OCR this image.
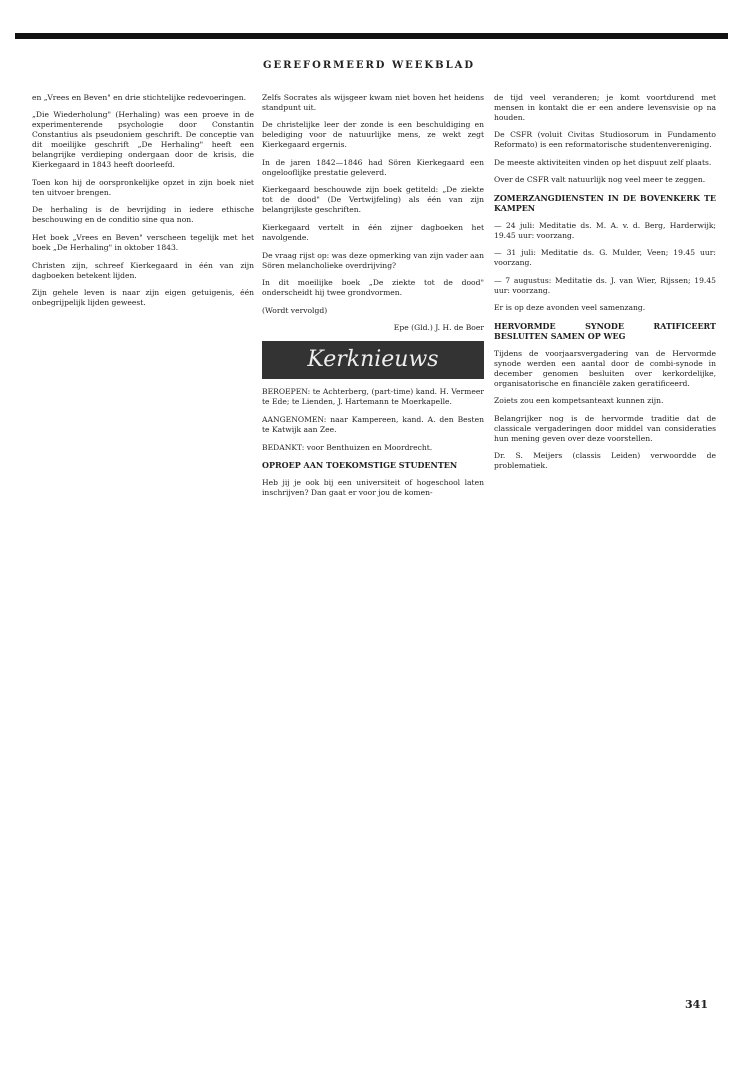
GEREFORMEERD WEEKBLAD

en „Vrees en Beven" en drie stichtelijke redevoeringen.

„Die Wiederholung" (Herhaling) was een proeve in de experimenterende psychologie door Constantin Constantius als pseudoniem geschrift. De conceptie van dit moeilijke geschrift „De Herhaling" heeft een belangrijke verdieping ondergaan door de krisis, die Kierkegaard in 1843 heeft doorleefd.

Toen kon hij de oorspronkelijke opzet in zijn boek niet ten uitvoer brengen.

De herhaling is de bevrijding in iedere ethische beschouwing en de conditio sine qua non.

Het boek „Vrees en Beven" verscheen tegelijk met het boek „De Herhaling" in oktober 1843.

Christen zijn, schreef Kierkegaard in één van zijn dagboeken betekent lijden.

Zijn gehele leven is naar zijn eigen getuigenis, één onbegrijpelijk lijden geweest.

Zelfs Socrates als wijsgeer kwam niet boven het heidens standpunt uit.

De christelijke leer der zonde is een beschuldiging en belediging voor de natuurlijke mens, ze wekt zegt Kierkegaard ergernis.

In de jaren 1842—1846 had Sören Kierkegaard een ongelooflijke prestatie geleverd.

Kierkegaard beschouwde zijn boek getiteld: „De ziekte tot de dood" (De Vertwijfeling) als één van zijn belangrijkste geschriften.

Kierkegaard vertelt in één zijner dagboeken het navolgende.

De vraag rijst op: was deze opmerking van zijn vader aan Sören melancholieke overdrijving?

In dit moeilijke boek „De ziekte tot de dood" onderscheidt hij twee grondvormen.

(Wordt vervolgd)

Epe (Gld.) J. H. de Boer
Kerknieuws

BEROEPEN: te Achterberg, (part-time) kand. H. Vermeer te Ede; te Lienden, J. Hartemann te Moerkapelle.

AANGENOMEN: naar Kampereen, kand. A. den Besten te Katwijk aan Zee.

BEDANKT: voor Benthuizen en Moordrecht.

OPROEP AAN TOEKOMSTIGE STUDENTEN

Heb jij je ook bij een universiteit of hogeschool laten inschrijven? Dan gaat er voor jou de komen-

de tijd veel veranderen; je komt voortdurend met mensen in kontakt die er een andere levensvisie op na houden.

De CSFR (voluit Civitas Studiosorum in Fundamento Reformato) is een reformatorische studentenvereniging.

De meeste aktiviteiten vinden op het dispuut zelf plaats.

Over de CSFR valt natuurlijk nog veel meer te zeggen.

ZOMERZANGDIENSTEN IN DE BOVENKERK TE KAMPEN

— 24 juli: Meditatie ds. M. A. v. d. Berg, Harderwijk; 19.45 uur: voorzang.

— 31 juli: Meditatie ds. G. Mulder, Veen; 19.45 uur: voorzang.

— 7 augustus: Meditatie ds. J. van Wier, Rijssen; 19.45 uur: voorzang.

Er is op deze avonden veel samenzang.

HERVORMDE SYNODE RATIFICEERT BESLUITEN SAMEN OP WEG

Tijdens de voorjaarsvergadering van de Hervormde synode werden een aantal door de combi-synode in december genomen besluiten over kerkordelijke, organisatorische en financiële zaken geratificeerd.

Zoiets zou een kompetsanteaxt kunnen zijn.

Belangrijker nog is de hervormde traditie dat de classicale vergaderingen door middel van consideraties hun mening geven over deze voorstellen.

Dr. S. Meijers (classis Leiden) verwoordde de problematiek.

341
